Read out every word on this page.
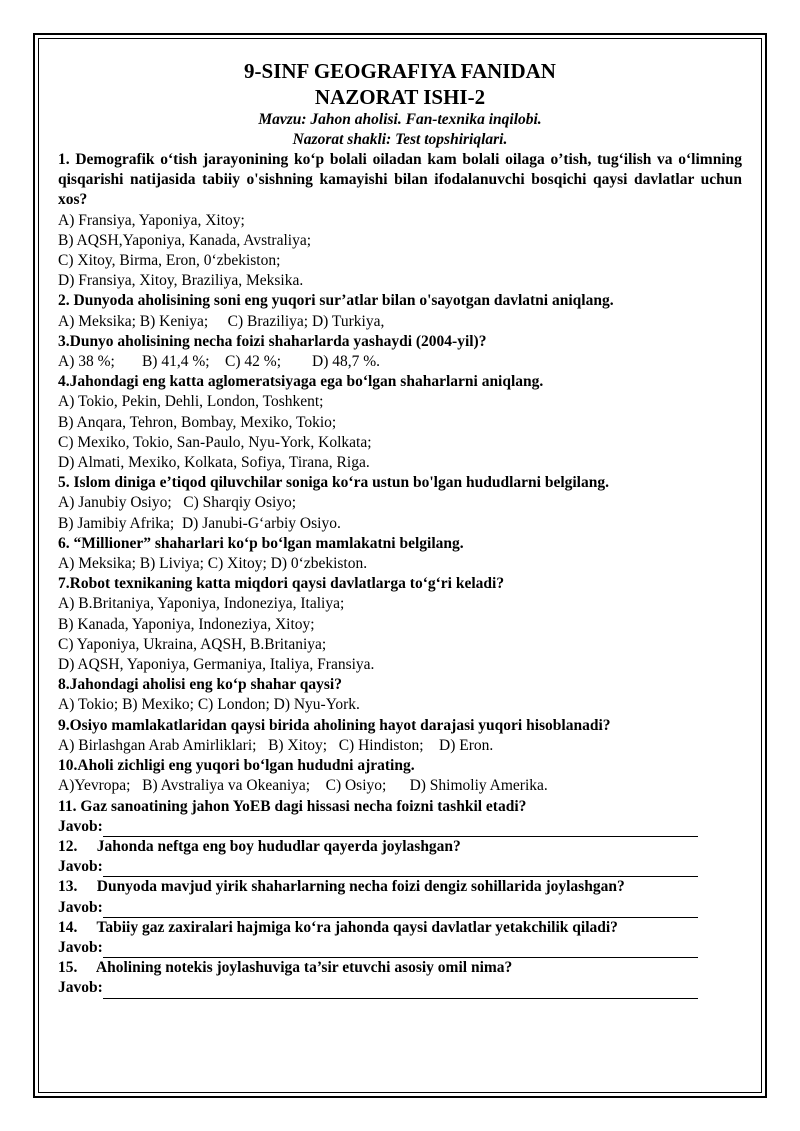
9-SINF GEOGRAFIYA FANIDAN
NAZORAT ISHI-2
Mavzu: Jahon aholisi. Fan-texnika inqilobi.
Nazorat shakli: Test topshiriqlari.
1. Demografik o‘tish jarayonining ko‘p bolali oiladan kam bolali oilaga o’tish, tug‘ilish va o‘limning qisqarishi natijasida tabiiy o'sishning kamayishi bilan ifodalanuvchi bosqichi qaysi davlatlar uchun xos?
A) Fransiya, Yaponiya, Xitoy;
B) AQSH,Yaponiya, Kanada, Avstraliya;
C) Xitoy, Birma, Eron, 0‘zbekiston;
D) Fransiya, Xitoy, Braziliya, Meksika.
2. Dunyoda aholisining soni eng yuqori sur’atlar bilan o'sayotgan davlatni aniqlang.
A) Meksika; B) Keniya;     C) Braziliya; D) Turkiya,
3.Dunyo aholisining necha foizi shaharlarda yashaydi (2004-yil)?
A) 38 %;       B) 41,4 %;    C) 42 %;        D) 48,7 %.
4.Jahondagi eng katta aglomeratsiyaga ega bo‘lgan shaharlarni aniqlang.
A) Tokio, Pekin, Dehli, London, Toshkent;
B) Anqara, Tehron, Bombay, Mexiko, Tokio;
C) Mexiko, Tokio, San-Paulo, Nyu-York, Kolkata;
D) Almati, Mexiko, Kolkata, Sofiya, Tirana, Riga.
5. Islom diniga e’tiqod qiluvchilar soniga ko‘ra ustun bo'lgan hududlarni belgilang.
A) Janubiy Osiyo;   C) Sharqiy Osiyo;
B) Jamibiy Afrika;  D) Janubi-G‘arbiy Osiyo.
6. “Millioner” shaharlari ko‘p bo‘lgan mamlakatni belgilang.
A) Meksika; B) Liviya; C) Xitoy; D) 0‘zbekiston.
7.Robot texnikaning katta miqdori qaysi davlatlarga to‘g‘ri keladi?
A) B.Britaniya, Yaponiya, Indoneziya, Italiya;
B) Kanada, Yaponiya, Indoneziya, Xitoy;
C) Yaponiya, Ukraina, AQSH, B.Britaniya;
D) AQSH, Yaponiya, Germaniya, Italiya, Fransiya.
8.Jahondagi aholisi eng ko‘p shahar qaysi?
A) Tokio; B) Mexiko; C) London; D) Nyu-York.
9.Osiyo mamlakatlaridan qaysi birida aholining hayot darajasi yuqori hisoblanadi?
A) Birlashgan Arab Amirliklari;   B) Xitoy;   C) Hindiston;    D) Eron.
10.Aholi zichligi eng yuqori bo‘lgan hududni ajrating.
A)Yevropa;   B) Avstraliya va Okeaniya;    C) Osiyo;      D) Shimoliy Amerika.
11. Gaz sanoatining jahon YoEB dagi hissasi necha foizni tashkil etadi?
Javob:
12.     Jahonda neftga eng boy hududlar qayerda joylashgan?
Javob:
13.     Dunyoda mavjud yirik shaharlarning necha foizi dengiz sohillarida joylashgan?
Javob:
14.     Tabiiy gaz zaxiralari hajmiga ko‘ra jahonda qaysi davlatlar yetakchilik qiladi?
Javob:
15.     Aholining notekis joylashuviga ta’sir etuvchi asosiy omil nima?
Javob:
